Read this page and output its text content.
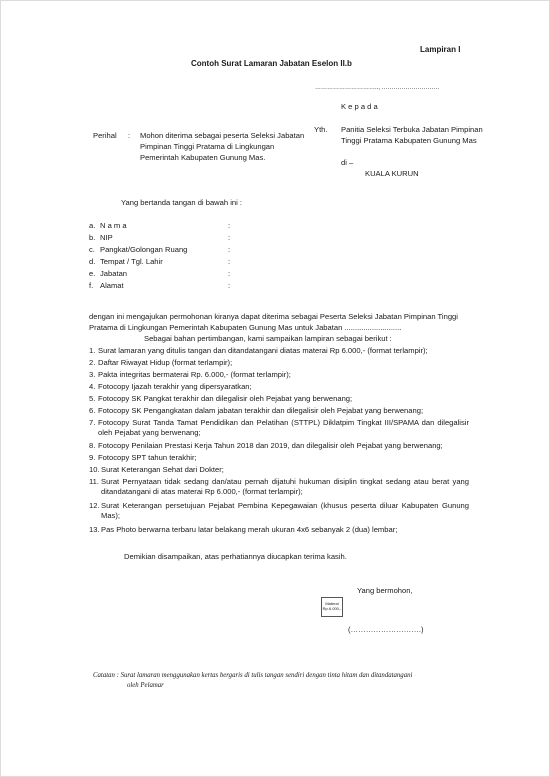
Lampiran I
Contoh Surat Lamaran Jabatan Eselon II.b
………………………….., ………………………..
K e p a d a
Yth. Panitia Seleksi Terbuka Jabatan Pimpinan
Tinggi Pratama Kabupaten Gunung Mas
di –
KUALA KURUN
Perihal : Mohon diterima sebagai peserta Seleksi Jabatan
Pimpinan Tinggi Pratama di Lingkungan
Pemerintah Kabupaten Gunung Mas.
Yang bertanda tangan di bawah ini :
a. N a m a	:
b. NIP	:
c. Pangkat/Golongan Ruang	:
d. Tempat / Tgl. Lahir	:
e. Jabatan	:
f. Alamat	:
dengan ini mengajukan permohonan kiranya dapat diterima sebagai Peserta Seleksi Jabatan Pimpinan Tinggi
Pratama di Lingkungan Pemerintah Kabupaten Gunung Mas untuk Jabatan ...........................
Sebagai bahan pertimbangan, kami sampaikan lampiran sebagai berikut :
1. Surat lamaran yang ditulis tangan dan ditandatangani diatas materai Rp 6.000,- (format terlampir);
2. Daftar Riwayat Hidup (format terlampir);
3. Pakta integritas bermaterai Rp. 6.000,- (format terlampir);
4. Fotocopy Ijazah terakhir yang dipersyaratkan;
5. Fotocopy SK Pangkat terakhir dan dilegalisir oleh Pejabat yang berwenang;
6. Fotocopy SK Pengangkatan dalam jabatan terakhir dan dilegalisir oleh Pejabat yang berwenang;
7. Fotocopy Surat Tanda Tamat Pendidikan dan Pelatihan (STTPL) Diklatpim Tingkat III/SPAMA dan dilegalisir oleh Pejabat yang berwenang;
8. Fotocopy Penilaian Prestasi Kerja Tahun 2018 dan 2019, dan dilegalisir oleh Pejabat yang berwenang;
9. Fotocopy SPT tahun terakhir;
10. Surat Keterangan Sehat dari Dokter;
11. Surat Pernyataan tidak sedang dan/atau pernah dijatuhi hukuman disiplin tingkat sedang atau berat yang ditandatangani di atas materai Rp 6.000,- (format terlampir);
12. Surat Keterangan persetujuan Pejabat Pembina Kepegawaian (khusus peserta diluar Kabupaten Gunung Mas);
13. Pas Photo berwarna terbaru latar belakang merah ukuran 4x6 sebanyak 2 (dua) lembar;
Demikian disampaikan, atas perhatiannya diucapkan terima kasih.
Yang bermohon,
Materai
Rp.6.000,-
(……………………….)
Catatan : Surat lamaran menggunakan kertas bergaris di tulis tangan sendiri dengan tinta hitam dan ditandatangani
oleh Pelamar
